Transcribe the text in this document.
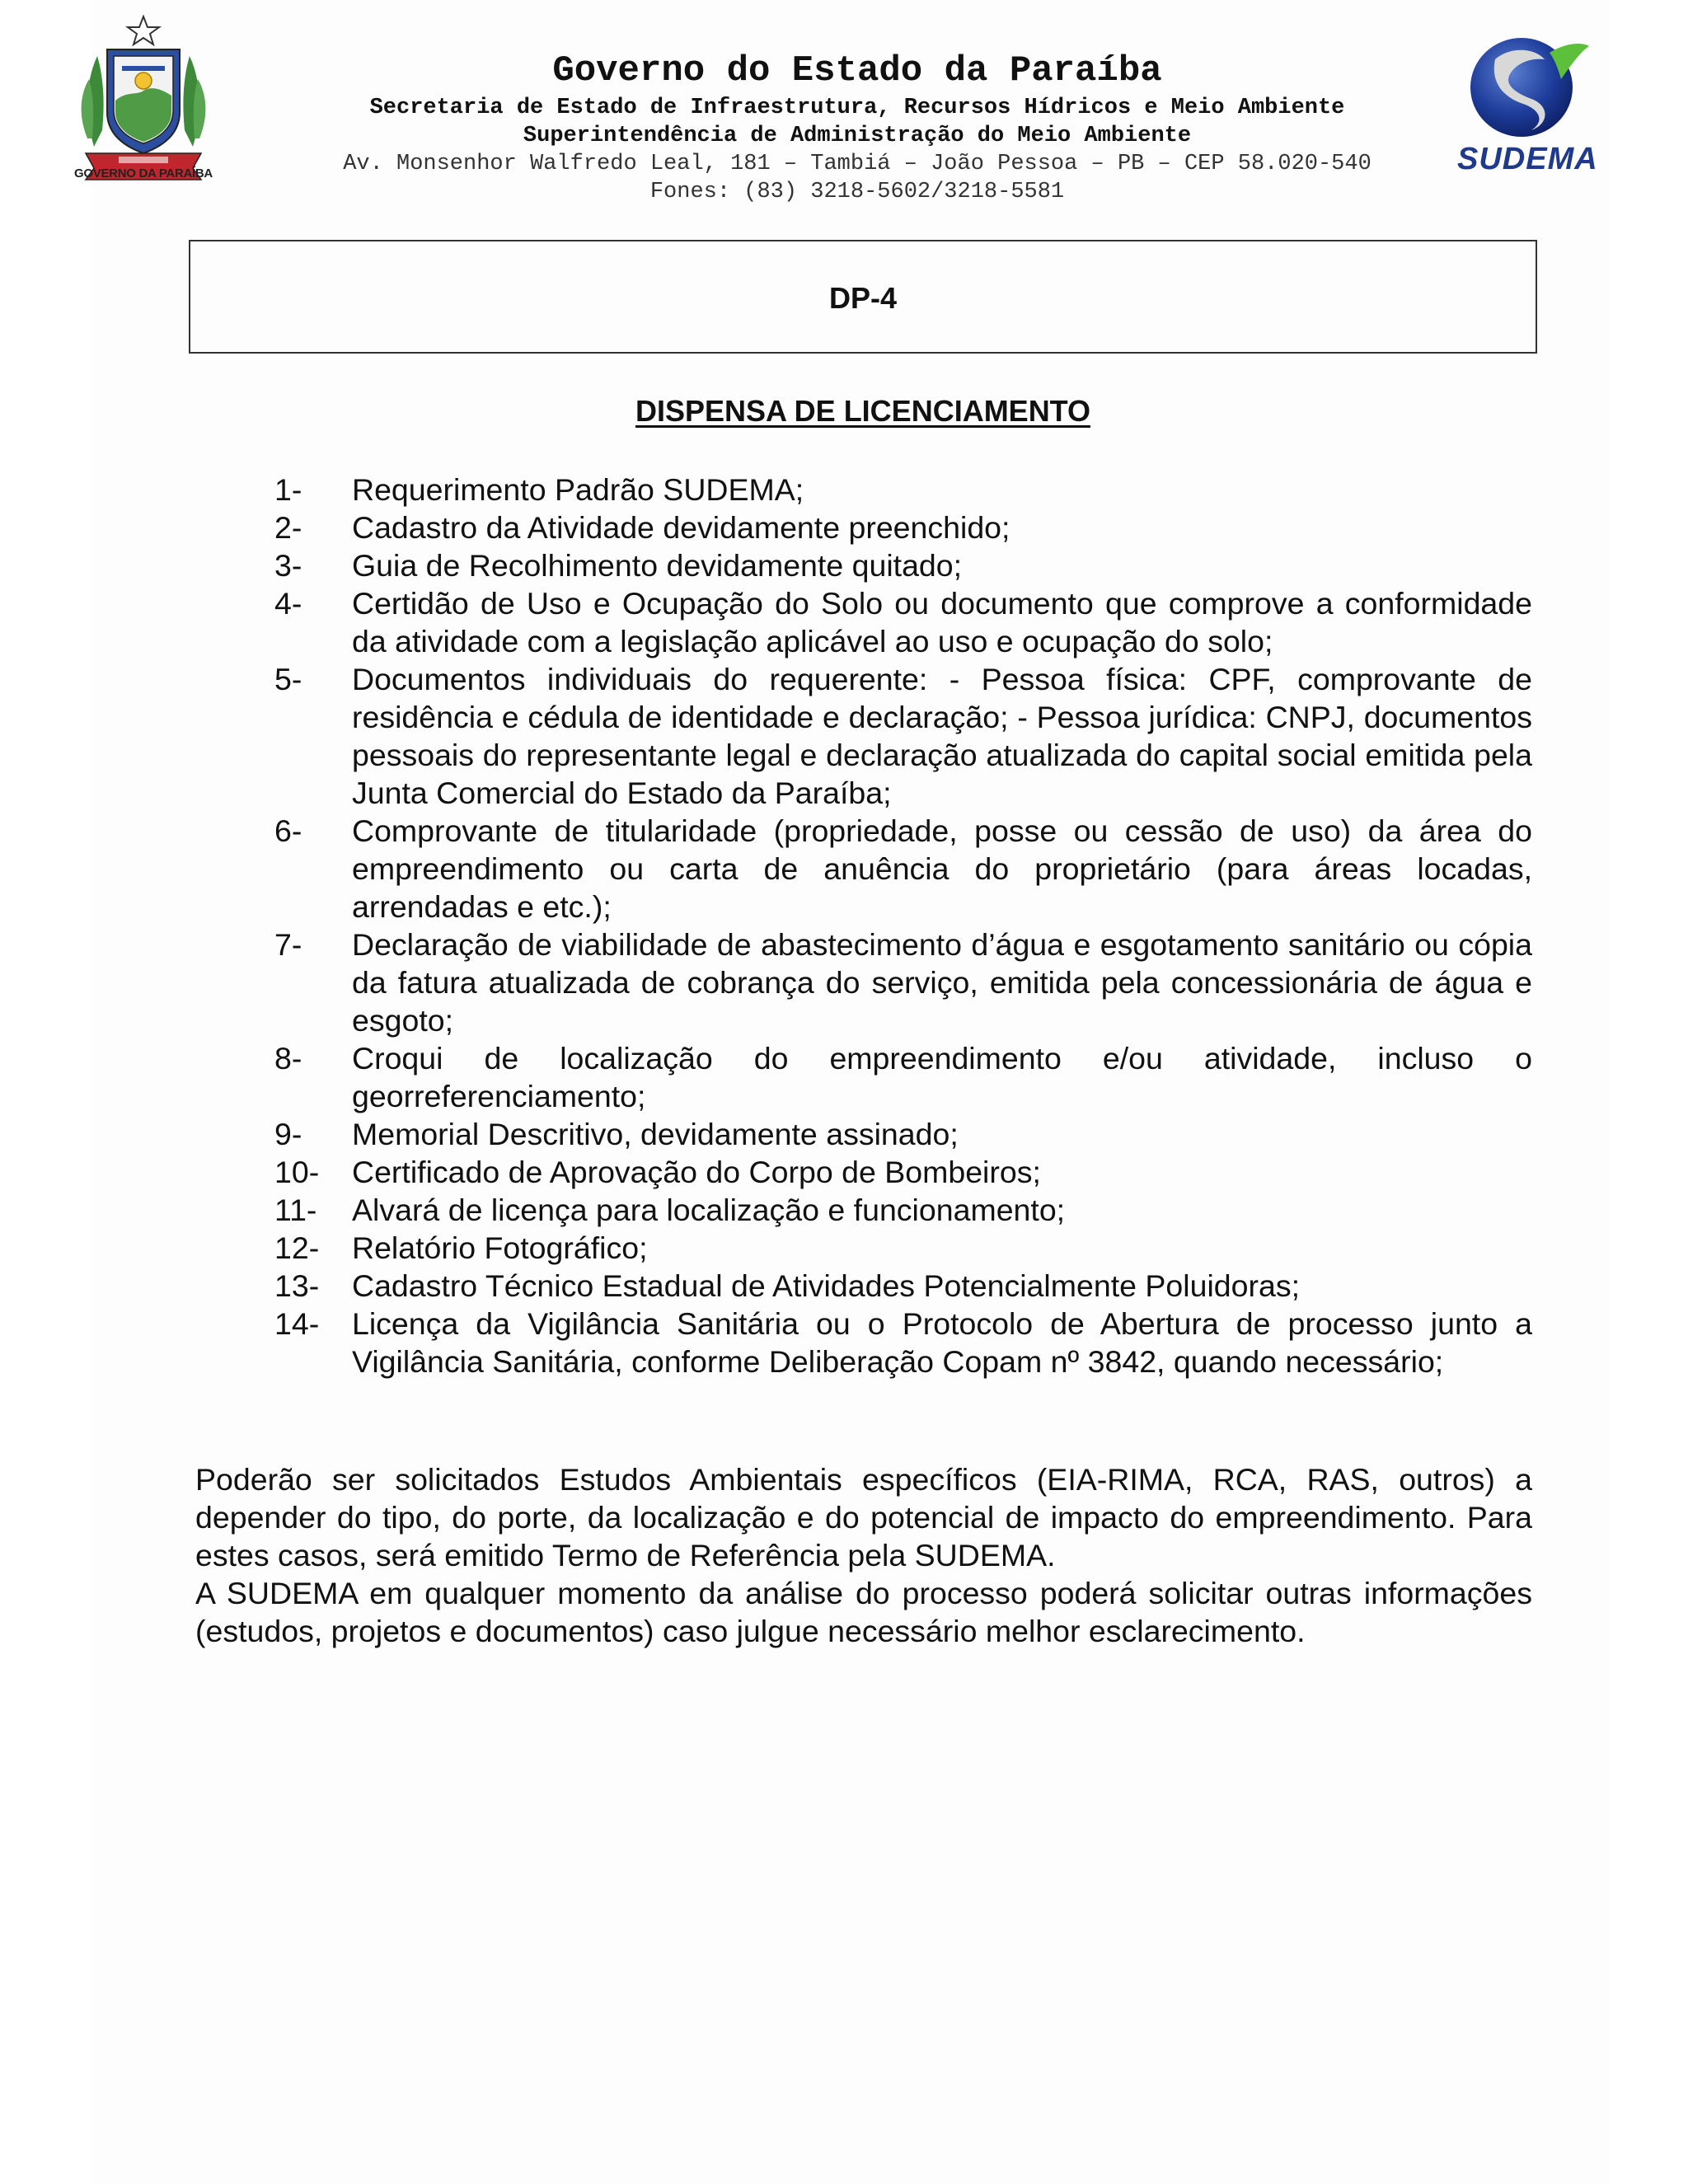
GOVERNO DA PARAÍBA
Governo do Estado da Paraíba
Secretaria de Estado de Infraestrutura, Recursos Hídricos e Meio Ambiente
Superintendência de Administração do Meio Ambiente
Av. Monsenhor Walfredo Leal, 181 – Tambiá – João Pessoa – PB – CEP 58.020-540
Fones: (83) 3218-5602/3218-5581
SUDEMA
DP-4
DISPENSA DE LICENCIAMENTO
1- Requerimento Padrão SUDEMA;
2- Cadastro da Atividade devidamente preenchido;
3- Guia de Recolhimento devidamente quitado;
4- Certidão de Uso e Ocupação do Solo ou documento que comprove a conformidade da atividade com a legislação aplicável ao uso e ocupação do solo;
5- Documentos individuais do requerente: - Pessoa física: CPF, comprovante de residência e cédula de identidade e declaração; - Pessoa jurídica: CNPJ, documentos pessoais do representante legal e declaração atualizada do capital social emitida pela Junta Comercial do Estado da Paraíba;
6- Comprovante de titularidade (propriedade, posse ou cessão de uso) da área do empreendimento ou carta de anuência do proprietário (para áreas locadas, arrendadas e etc.);
7- Declaração de viabilidade de abastecimento d’água e esgotamento sanitário ou cópia da fatura atualizada de cobrança do serviço, emitida pela concessionária de água e esgoto;
8- Croqui de localização do empreendimento e/ou atividade, incluso o georreferenciamento;
9- Memorial Descritivo, devidamente assinado;
10- Certificado de Aprovação do Corpo de Bombeiros;
11- Alvará de licença para localização e funcionamento;
12- Relatório Fotográfico;
13- Cadastro Técnico Estadual de Atividades Potencialmente Poluidoras;
14- Licença da Vigilância Sanitária ou o Protocolo de Abertura de processo junto a Vigilância Sanitária, conforme Deliberação Copam nº 3842, quando necessário;

Poderão ser solicitados Estudos Ambientais específicos (EIA-RIMA, RCA, RAS, outros) a depender do tipo, do porte, da localização e do potencial de impacto do empreendimento. Para estes casos, será emitido Termo de Referência pela SUDEMA.

A SUDEMA em qualquer momento da análise do processo poderá solicitar outras informações (estudos, projetos e documentos) caso julgue necessário melhor esclarecimento.
